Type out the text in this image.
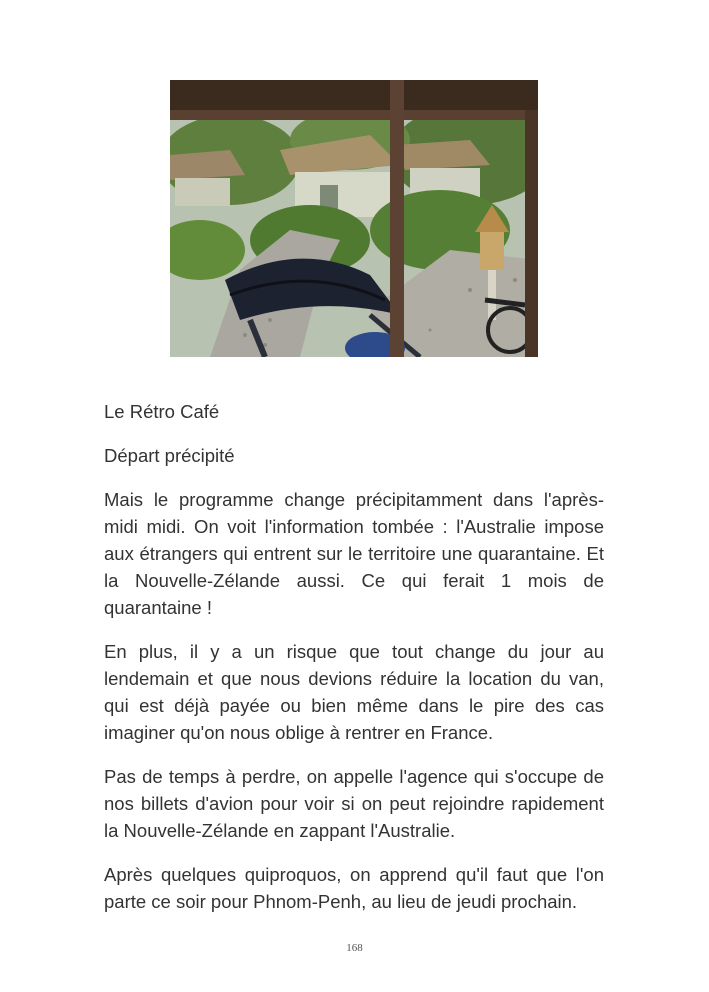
Le Rétro Café

Départ précipité

Mais le programme change précipitamment dans l'après-midi midi. On voit l'information tombée : l'Australie impose aux étrangers qui entrent sur le territoire une quarantaine. Et la Nouvelle-Zélande aussi. Ce qui ferait 1 mois de quarantaine !

En plus, il y a un risque que tout change du jour au lendemain et que nous devions réduire la location du van, qui est déjà payée ou bien même dans le pire des cas imaginer qu'on nous oblige à rentrer en France.

Pas de temps à perdre, on appelle l'agence qui s'occupe de nos billets d'avion pour voir si on peut rejoindre rapidement la Nouvelle-Zélande en zappant l'Australie.

Après quelques quiproquos, on apprend qu'il faut que l'on parte ce soir pour Phnom-Penh, au lieu de jeudi prochain.

168
